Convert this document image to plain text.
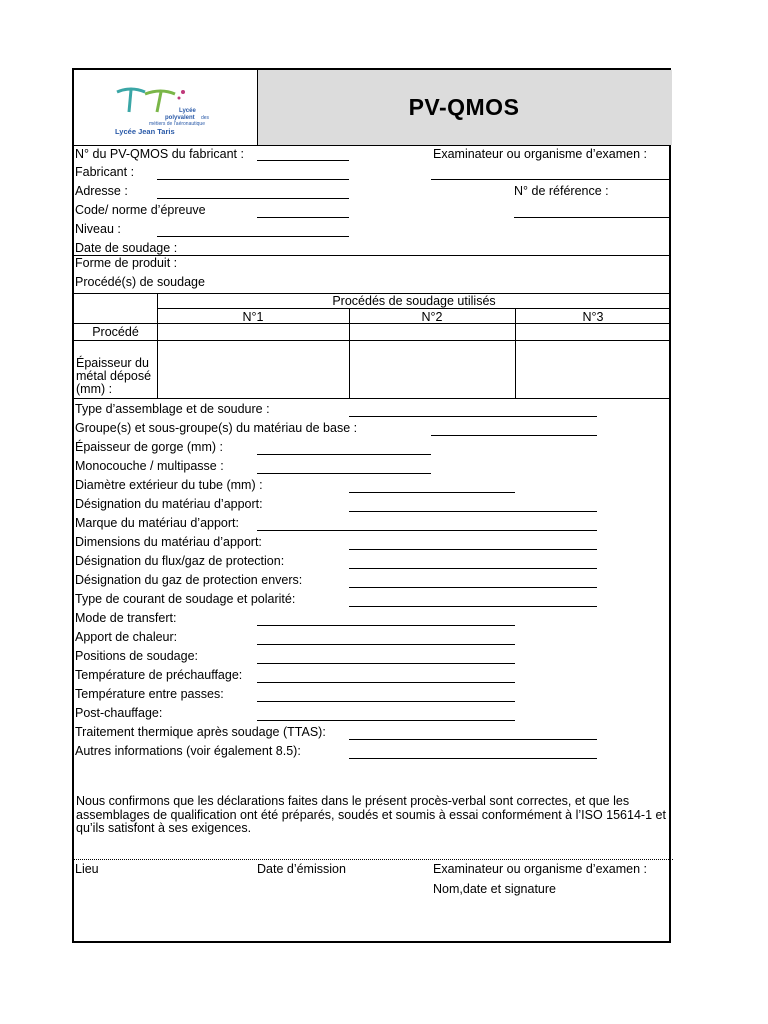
Lycée
polyvalent des
métiers de l'aéronautique
Lycée Jean Taris
PV-QMOS
N° du PV-QMOS du fabricant :	Examinateur ou organisme d’examen :
Fabricant :
Adresse :	N° de référence :
Code/ norme d’épreuve
Niveau :
Date de soudage :
Forme de produit :
Procédé(s) de soudage
Procédés de soudage utilisés
N°1	N°2	N°3
Procédé
Épaisseur du
métal déposé
(mm) :
Type d’assemblage et de soudure :
Groupe(s) et sous-groupe(s) du matériau de base :
Épaisseur de gorge (mm) :
Monocouche / multipasse :
Diamètre extérieur du tube (mm) :
Désignation du matériau d’apport:
Marque du matériau d’apport:
Dimensions du matériau d’apport:
Désignation du flux/gaz de protection:
Désignation du gaz de protection envers:
Type de courant de soudage et polarité:
Mode de transfert:
Apport de chaleur:
Positions de soudage:
Température de préchauffage:
Température entre passes:
Post-chauffage:
Traitement thermique après soudage (TTAS):
Autres informations (voir également 8.5):
Nous confirmons que les déclarations faites dans le présent procès-verbal sont correctes, et que les assemblages de qualification ont été préparés, soudés et soumis à essai conformément à l’ISO 15614-1 et qu’ils satisfont à ses exigences.
Lieu	Date d’émission	Examinateur ou organisme d’examen :
Nom,date et signature
